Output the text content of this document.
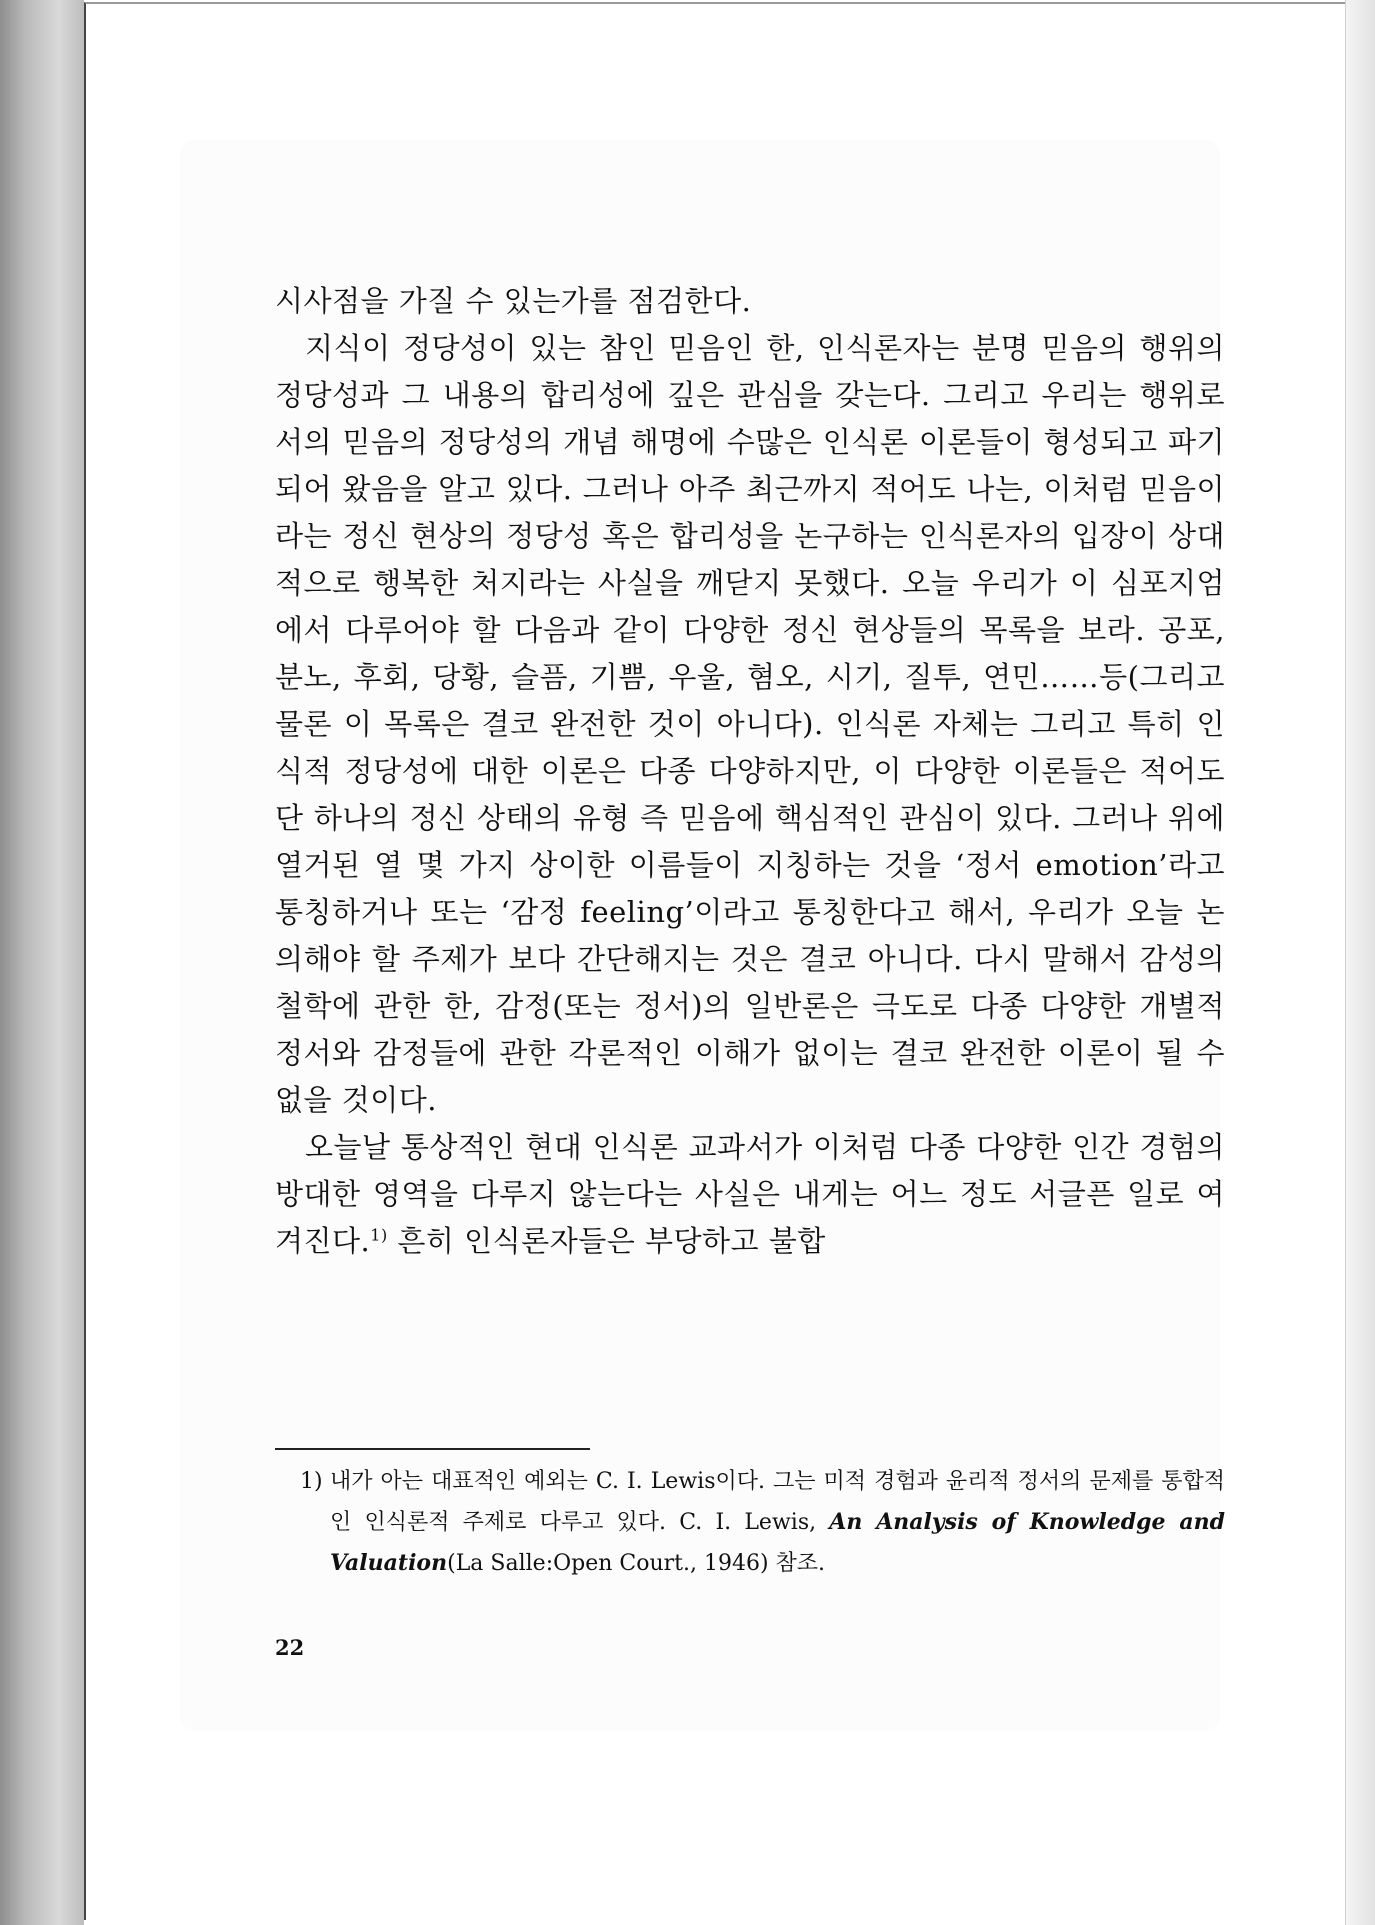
시사점을 가질 수 있는가를 점검한다.

지식이 정당성이 있는 참인 믿음인 한, 인식론자는 분명 믿음의 행위의 정당성과 그 내용의 합리성에 깊은 관심을 갖는다. 그리고 우리는 행위로서의 믿음의 정당성의 개념 해명에 수많은 인식론 이론들이 형성되고 파기되어 왔음을 알고 있다. 그러나 아주 최근까지 적어도 나는, 이처럼 믿음이라는 정신 현상의 정당성 혹은 합리성을 논구하는 인식론자의 입장이 상대적으로 행복한 처지라는 사실을 깨닫지 못했다. 오늘 우리가 이 심포지엄에서 다루어야 할 다음과 같이 다양한 정신 현상들의 목록을 보라. 공포, 분노, 후회, 당황, 슬픔, 기쁨, 우울, 혐오, 시기, 질투, 연민……등(그리고 물론 이 목록은 결코 완전한 것이 아니다). 인식론 자체는 그리고 특히 인식적 정당성에 대한 이론은 다종 다양하지만, 이 다양한 이론들은 적어도 단 하나의 정신 상태의 유형 즉 믿음에 핵심적인 관심이 있다. 그러나 위에 열거된 열 몇 가지 상이한 이름들이 지칭하는 것을 ‘정서 emotion’라고 통칭하거나 또는 ‘감정 feeling’이라고 통칭한다고 해서, 우리가 오늘 논의해야 할 주제가 보다 간단해지는 것은 결코 아니다. 다시 말해서 감성의 철학에 관한 한, 감정(또는 정서)의 일반론은 극도로 다종 다양한 개별적 정서와 감정들에 관한 각론적인 이해가 없이는 결코 완전한 이론이 될 수 없을 것이다.

오늘날 통상적인 현대 인식론 교과서가 이처럼 다종 다양한 인간 경험의 방대한 영역을 다루지 않는다는 사실은 내게는 어느 정도 서글픈 일로 여겨진다.$^{1)}$ 흔히 인식론자들은 부당하고 불합

1) 내가 아는 대표적인 예외는 C. I. Lewis이다. 그는 미적 경험과 윤리적 정서의 문제를 통합적인 인식론적 주제로 다루고 있다. C. I. Lewis, An Analysis of Knowledge and Valuation(La Salle:Open Court., 1946) 참조.
22
